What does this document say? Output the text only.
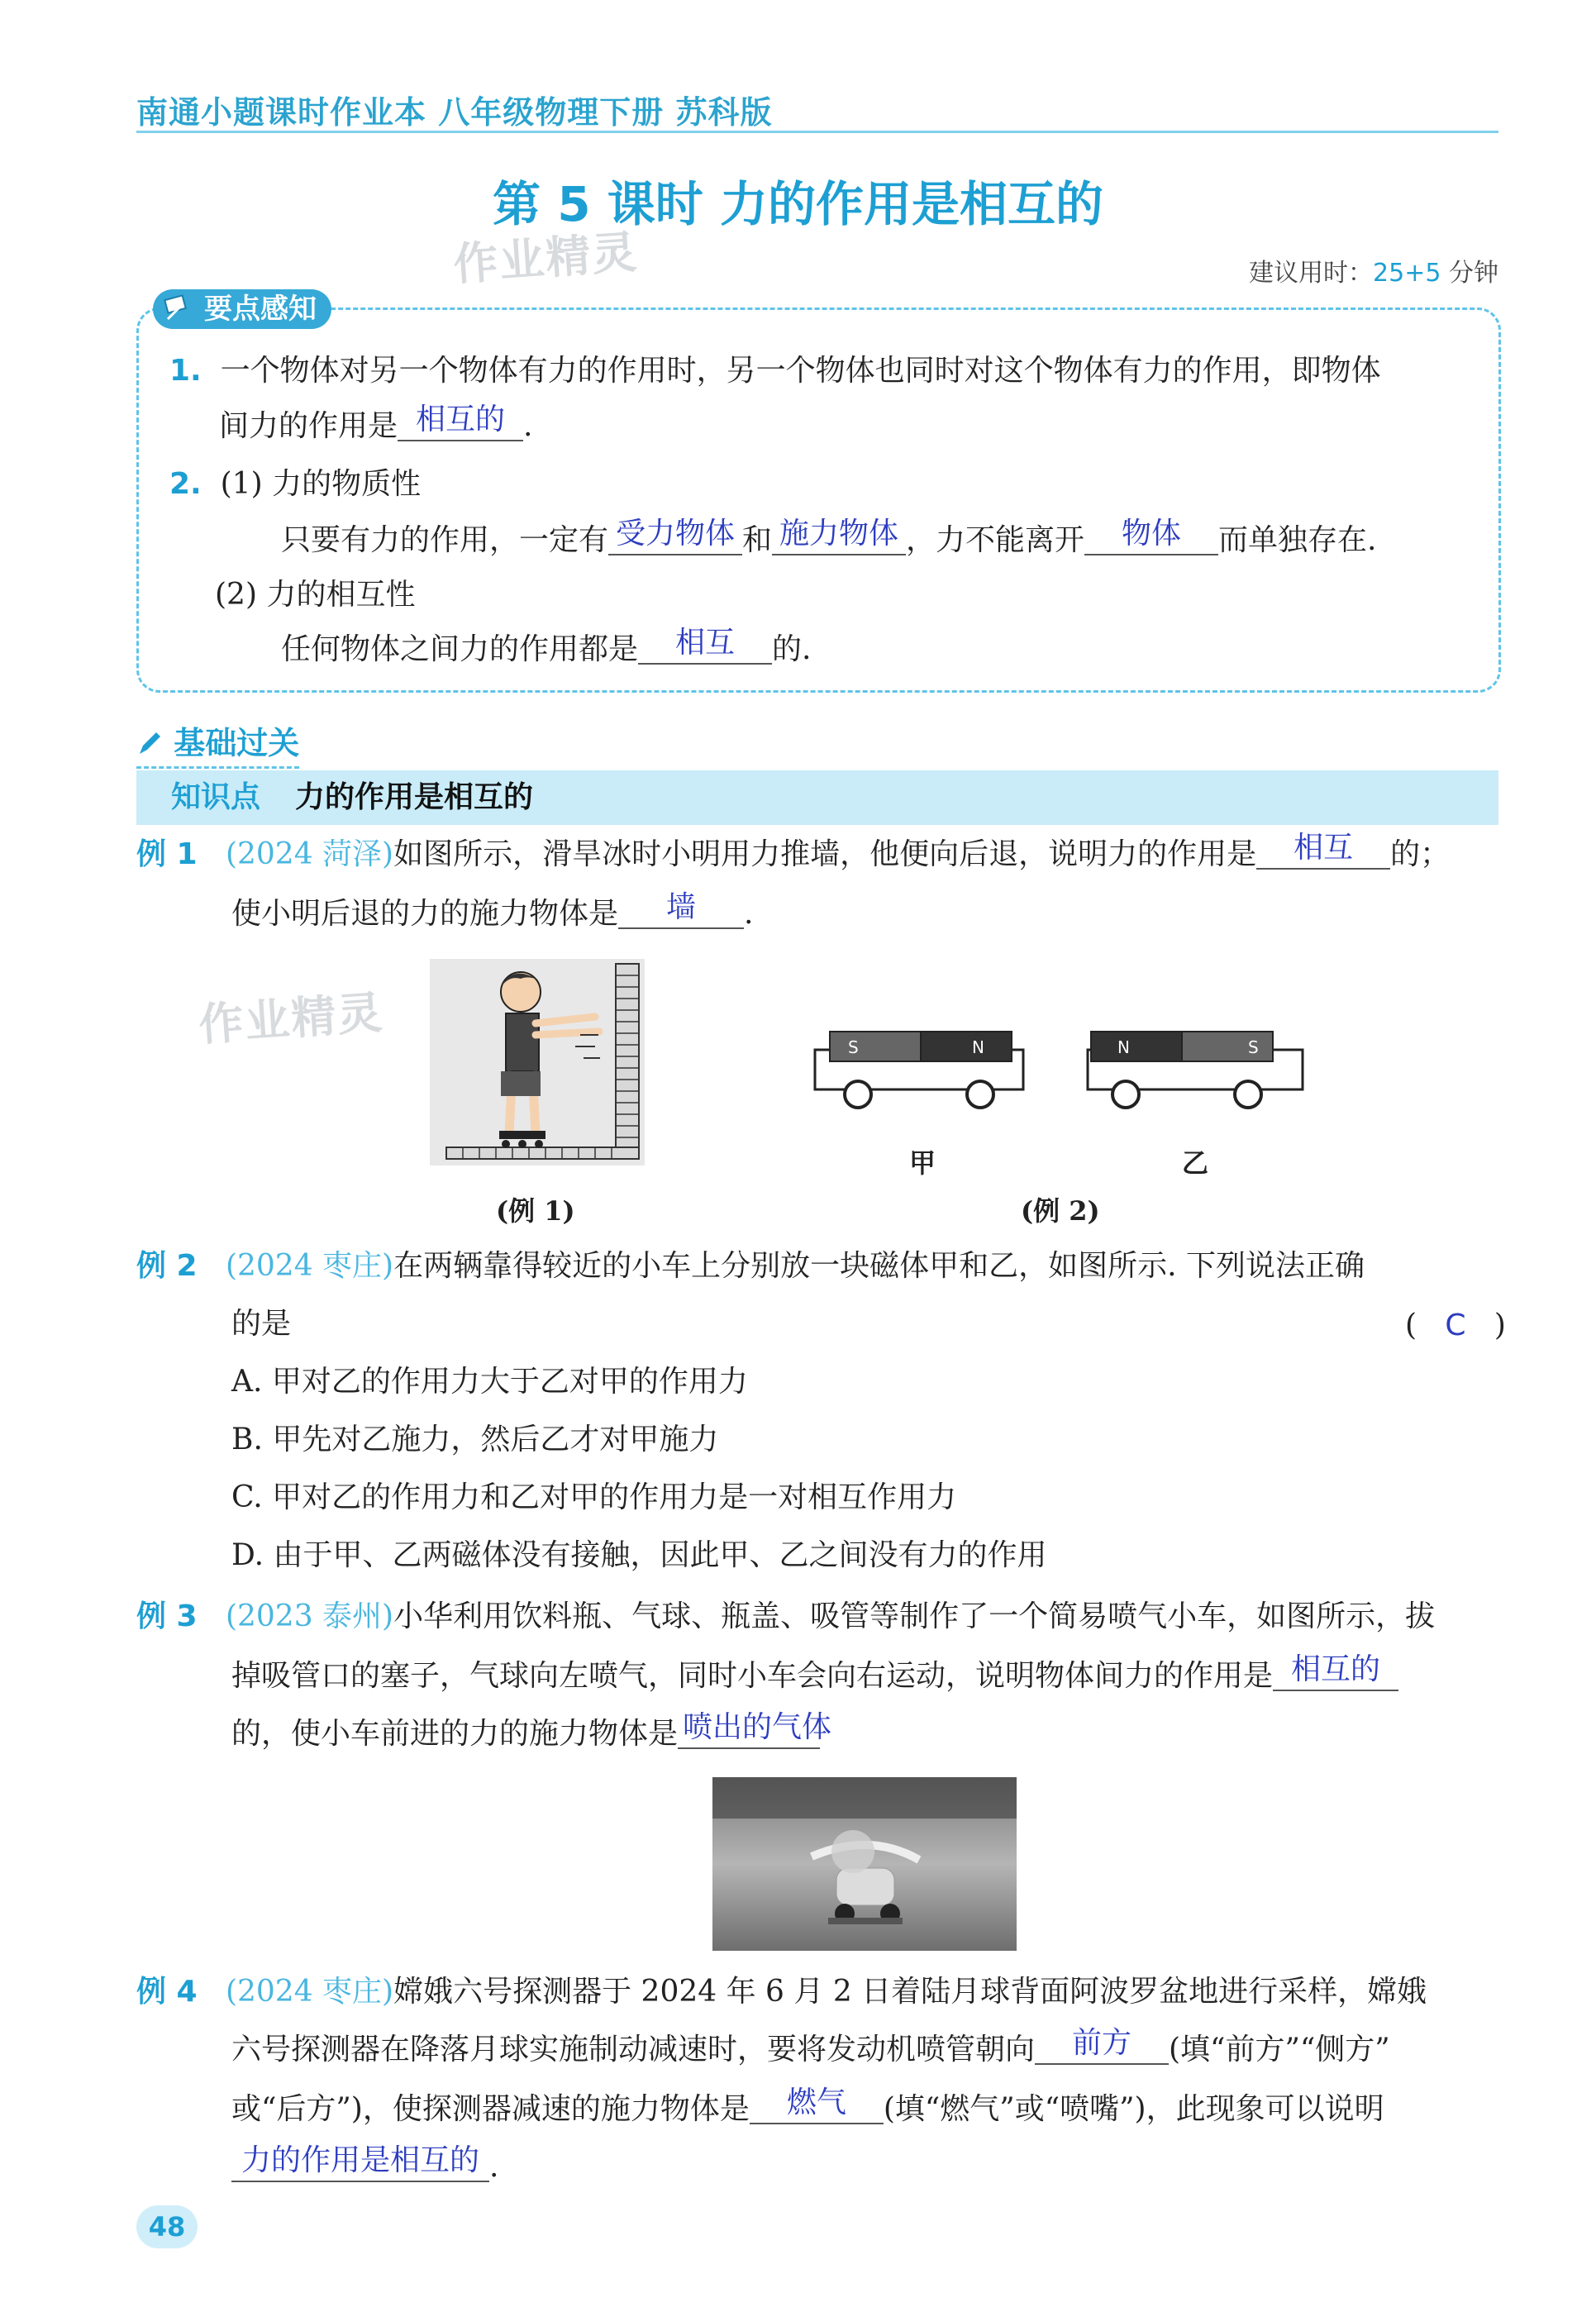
南通小题课时作业本 八年级物理下册 苏科版
第 5 课时 力的作用是相互的
作业精灵	建议用时：25+5 分钟
要点感知
1. 一个物体对另一个物体有力的作用时，另一个物体也同时对这个物体有力的作用，即物体
间力的作用是 相互的 .
2. (1) 力的物质性
只要有力的作用，一定有 受力物体 和 施力物体 ，力不能离开 物体 而单独存在.
(2) 力的相互性
任何物体之间力的作用都是 相互 的.
基础过关
知识点 力的作用是相互的
例 1 (2024 菏泽)如图所示，滑旱冰时小明用力推墙，他便向后退，说明力的作用是 相互 的；
使小明后退的力的施力物体是 墙 .
作业精灵
(例 1)
S	N	N	S
甲	乙
(例 2)
例 2 (2024 枣庄)在两辆靠得较近的小车上分别放一块磁体甲和乙，如图所示. 下列说法正确
的是	( C )
A. 甲对乙的作用力大于乙对甲的作用力
B. 甲先对乙施力，然后乙才对甲施力
C. 甲对乙的作用力和乙对甲的作用力是一对相互作用力
D. 由于甲、乙两磁体没有接触，因此甲、乙之间没有力的作用
例 3 (2023 泰州)小华利用饮料瓶、气球、瓶盖、吸管等制作了一个简易喷气小车，如图所示，拔
掉吸管口的塞子，气球向左喷气，同时小车会向右运动，说明物体间力的作用是 相互的
的，使小车前进的力的施力物体是 喷出的气体
例 4 (2024 枣庄)嫦娥六号探测器于 2024 年 6 月 2 日着陆月球背面阿波罗盆地进行采样，嫦娥
六号探测器在降落月球实施制动减速时，要将发动机喷管朝向 前方 (填“前方”“侧方”
或“后方”)，使探测器减速的施力物体是 燃气 (填“燃气”或“喷嘴”)，此现象可以说明
力的作用是相互的 .
48
